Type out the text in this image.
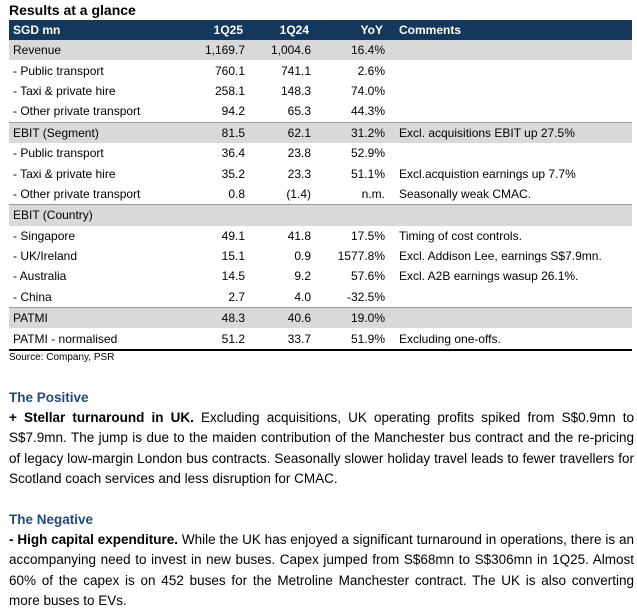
Results at a glance
SGD mn	1Q25	1Q24	YoY	Comments
Revenue	1,169.7	1,004.6	16.4%	
- Public transport	760.1	741.1	2.6%	
- Taxi & private hire	258.1	148.3	74.0%	
- Other private transport	94.2	65.3	44.3%	
EBIT (Segment)	81.5	62.1	31.2%	Excl. acquisitions EBIT up 27.5%
- Public transport	36.4	23.8	52.9%	
- Taxi & private hire	35.2	23.3	51.1%	Excl.acquistion earnings up 7.7%
- Other private transport	0.8	(1.4)	n.m.	Seasonally weak CMAC.
EBIT (Country)				
- Singapore	49.1	41.8	17.5%	Timing of cost controls.
- UK/Ireland	15.1	0.9	1577.8%	Excl. Addison Lee, earnings S$7.9mn.
- Australia	14.5	9.2	57.6%	Excl. A2B earnings wasup 26.1%.
- China	2.7	4.0	-32.5%	
PATMI	48.3	40.6	19.0%	
PATMI - normalised	51.2	33.7	51.9%	Excluding one-offs.
Source: Company, PSR
The Positive
+ Stellar turnaround in UK. Excluding acquisitions, UK operating profits spiked from S$0.9mn to S$7.9mn. The jump is due to the maiden contribution of the Manchester bus contract and the re-pricing of legacy low-margin London bus contracts. Seasonally slower holiday travel leads to fewer travellers for Scotland coach services and less disruption for CMAC.
The Negative
- High capital expenditure. While the UK has enjoyed a significant turnaround in operations, there is an accompanying need to invest in new buses. Capex jumped from S$68mn to S$306mn in 1Q25. Almost 60% of the capex is on 452 buses for the Metroline Manchester contract. The UK is also converting more buses to EVs.
